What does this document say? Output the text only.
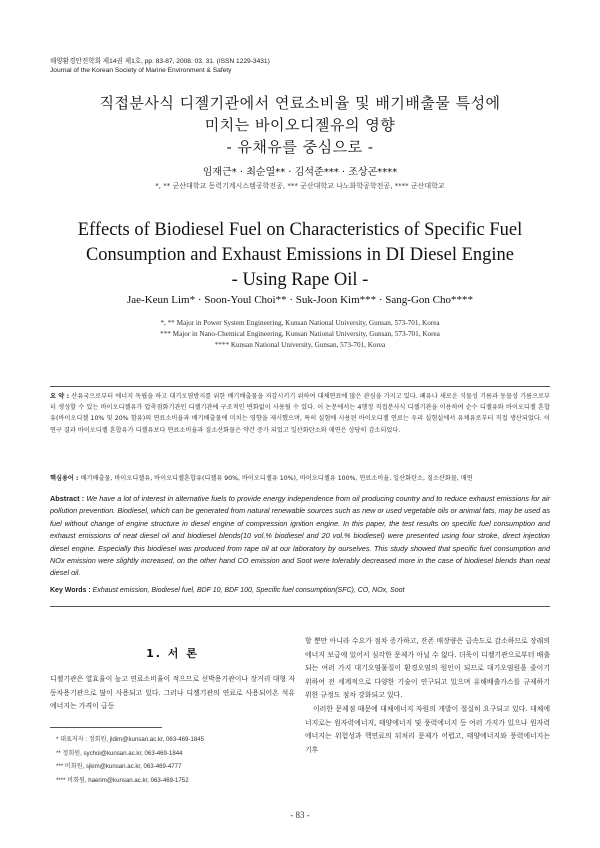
해양환경안전학회 제14권 제1호, pp. 83-87, 2008. 03. 31. (ISSN 1229-3431)
Journal of the Korean Society of Marine Environment & Safety
직접분사식 디젤기관에서 연료소비율 및 배기배출물 특성에
미치는 바이오디젤유의 영향
- 유채유를 중심으로 -
임재근* · 최순열** · 김석준*** · 조상곤****
*, ** 군산대학교 동력기계시스템공학전공, *** 군산대학교 나노화학공학전공, **** 군산대학교
Effects of Biodiesel Fuel on Characteristics of Specific Fuel
Consumption and Exhaust Emissions in DI Diesel Engine
- Using Rape Oil -
Jae-Keun Lim* · Soon-Youl Choi** · Suk-Joon Kim*** · Sang-Gon Cho****
*, ** Major in Power System Engineering, Kunsan National University, Gunsan, 573-701, Korea
*** Major in Nano-Chemical Engineering, Kunsan National University, Gunsan, 573-701, Korea
**** Kunsan National University, Gunsan, 573-701, Korea
요 약 : 산유국으로부터 에너지 독립을 하고 대기오염방지를 위한 배기배출물을 저감시키기 위하여 대체연료에 많은 관심을 가지고 있다. 폐유나 새로운 식물성 기름과 동물성 기름으로부터 생성할 수 있는 바이오디젤유가 압축점화기관인 디젤기관에 구조적인 변화없이 사용될 수 있다. 이 논문에서는 4행정 직접분사식 디젤기관을 이용하여 순수 디젤유와 바이오디젤 혼합유(바이오디젤 10% 및 20% 함유)의 연료소비율과 배기배출물에 미치는 영향을 제시했으며, 특히 실험에 사용된 바이오디젤 연료는 우리 실험실에서 유채유로부터 직접 생산되었다. 이 연구 결과 바이오디젤 혼합유가 디젤유보다 연료소비율과 질소산화물은 약간 증가 되었고 일산화탄소와 매연은 상당히 감소되었다.
핵심용어 : 배기배출물, 바이오디젤유, 바이오디젤혼합유(디젤유 90%, 바이오디젤유 10%), 바이오디젤유 100%, 연료소비율, 일산화탄소, 질소산화물, 매연
Abstract : We have a lot of interest in alternative fuels to provide energy independence from oil producing country and to reduce exhaust emissions for air pollution prevention. Biodiesel, which can be generated from natural renewable sources such as new or used vegetable oils or animal fats, may be used as fuel without change of engine structure in diesel engine of compression ignition engine. In this paper, the test results on specific fuel consumption and exhaust emissions of neat diesel oil and biodiesel blends(10 vol.% biodiesel and 20 vol.% biodiesel) were presented using four stroke, direct injection diesel engine. Especially this biodiesel was produced from rape oil at our laboratory by ourselves. This study showed that specific fuel consumption and NOx emission were slightly increased, on the other hand CO emission and Soot were tolerably decreased more in the case of biodiesel blends than neat diesel oil.
Key Words : Exhaust emission, Biodiesel fuel, BDF 10, BDF 100, Specific fuel consumption(SFC), CO, NOx, Soot
1. 서 론
디젤기관은 열효율이 높고 연료소비율이 적으므로 선박용기관이나 장거리 대형 자동차용기관으로 많이 사용되고 있다. 그러나 디젤기관의 연료로 사용되어온 석유에너지는 가격이 급등
* 대표저자 : 정회원, jldim@kunsan.ac.kr, 063-469-1845
** 정회원, sychoi@kunsan.ac.kr, 063-469-1844
*** 비회원, sjkim@kunsan.ac.kr, 063-469-4777
**** 비회원, haerim@kunsan.ac.kr, 063-469-1752
할 뿐만 아니라 수요가 점차 증가하고, 잔존 매장량은 급속도로 감소하므로 장래의 에너지 보급에 있어서 심각한 문제가 아닐 수 없다. 더욱이 디젤기관으로부터 배출되는 여러 가지 대기오염물질이 환경오염의 원인이 되므로 대기오염원을 줄이기 위하여 전 세계적으로 다양한 기술이 연구되고 있으며 유해배출가스를 규제하기 위한 규정도 점차 강화되고 있다.
이러한 문제점 때문에 대체에너지 자원의 개발이 절실히 요구되고 있다. 대체에너지로는 원자력에너지, 태양에너지 및 풍력에너지 등 여러 가지가 있으나 원자력에너지는 위험성과 핵연료의 뒤처리 문제가 어렵고, 태양에너지와 풍력에너지는 기후
- 83 -
